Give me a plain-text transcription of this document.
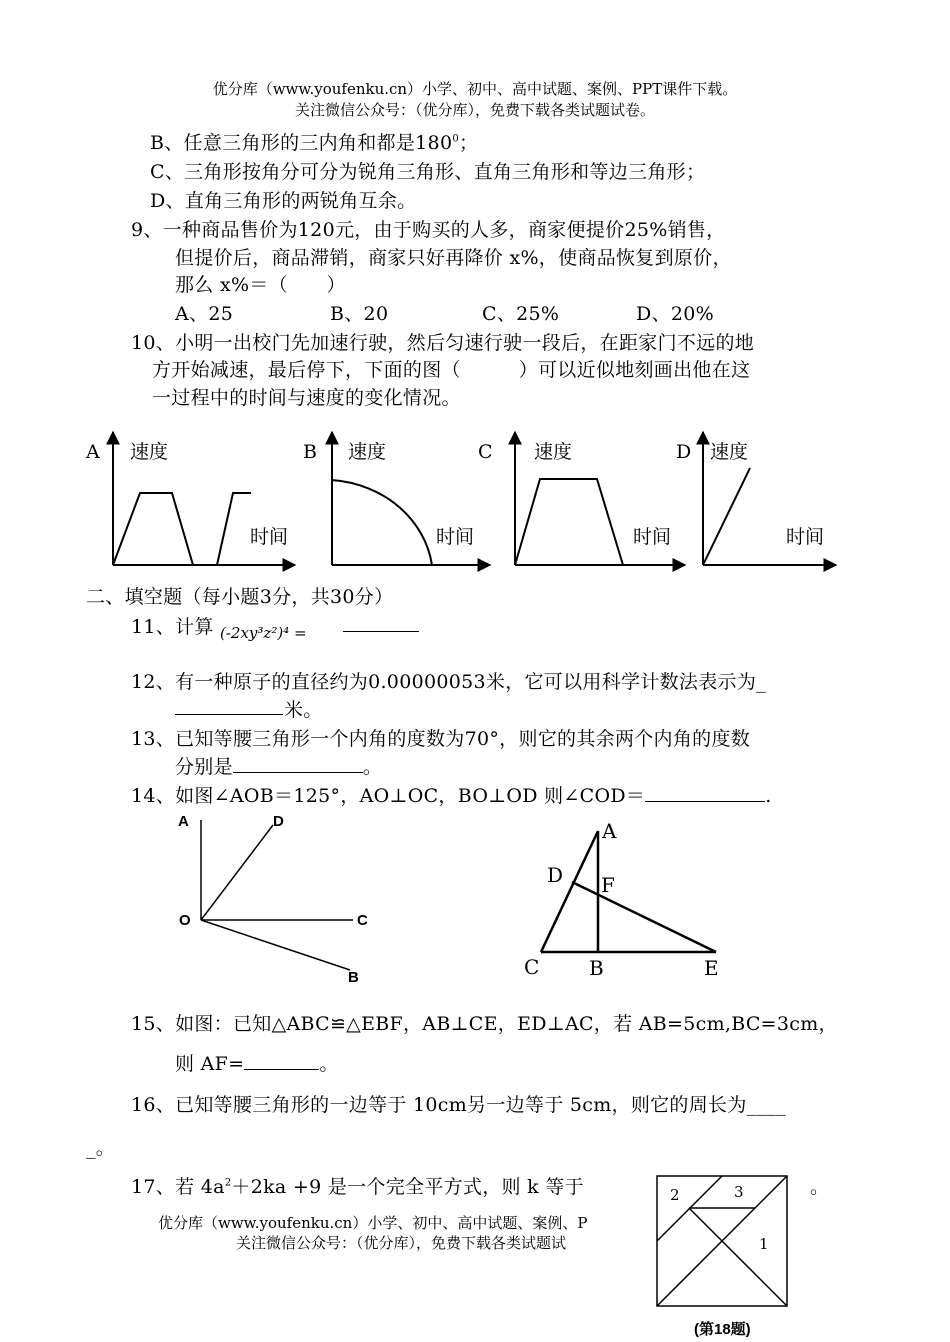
优分库（www.youfenku.cn）小学、初中、高中试题、案例、PPT课件下载。
关注微信公众号：（优分库），免费下载各类试题试卷。
B、任意三角形的三内角和都是$180^0$；
C、三角形按角分可分为锐角三角形、直角三角形和等边三角形；
D、直角三角形的两锐角互余。
9、一种商品售价为120元，由于购买的人多，商家便提价25%销售，
但提价后，商品滞销，商家只好再降价 x%，使商品恢复到原价，
那么 x%＝（　　）
A、25	B、20	C、25%	D、20%
10、小明一出校门先加速行驶，然后匀速行驶一段后，在距家门不远的地
方开始减速，最后停下，下面的图（　　　）可以近似地刻画出他在这
一过程中的时间与速度的变化情况。
A 速度
时间
B 速度
时间
C 速度
时间
D 速度
时间
二、填空题（每小题3分，共30分）
11、计算 (-2xy³z²)⁴ =
12、有一种原子的直径约为0.00000053米，它可以用科学计数法表示为_
米。
13、已知等腰三角形一个内角的度数为70°，则它的其余两个内角的度数
分别是	。
14、如图∠AOB＝125°，AO⊥OC，BO⊥OD 则∠COD＝	.
A	D
O	C
B
A
D F
C B	E
15、如图：已知△ABC≌△EBF，AB⊥CE，ED⊥AC，若 AB=5cm,BC=3cm，
则 AF=	。
16、已知等腰三角形的一边等于 10cm另一边等于 5cm，则它的周长为____
_。
17、若 $4a^2+2ka +9$ 是一个完全平方式，则 k 等于	。
优分库（www.youfenku.cn）小学、初中、高中试题、案例、P
关注微信公众号：（优分库），免费下载各类试题试
2	3
1
(第18题)
